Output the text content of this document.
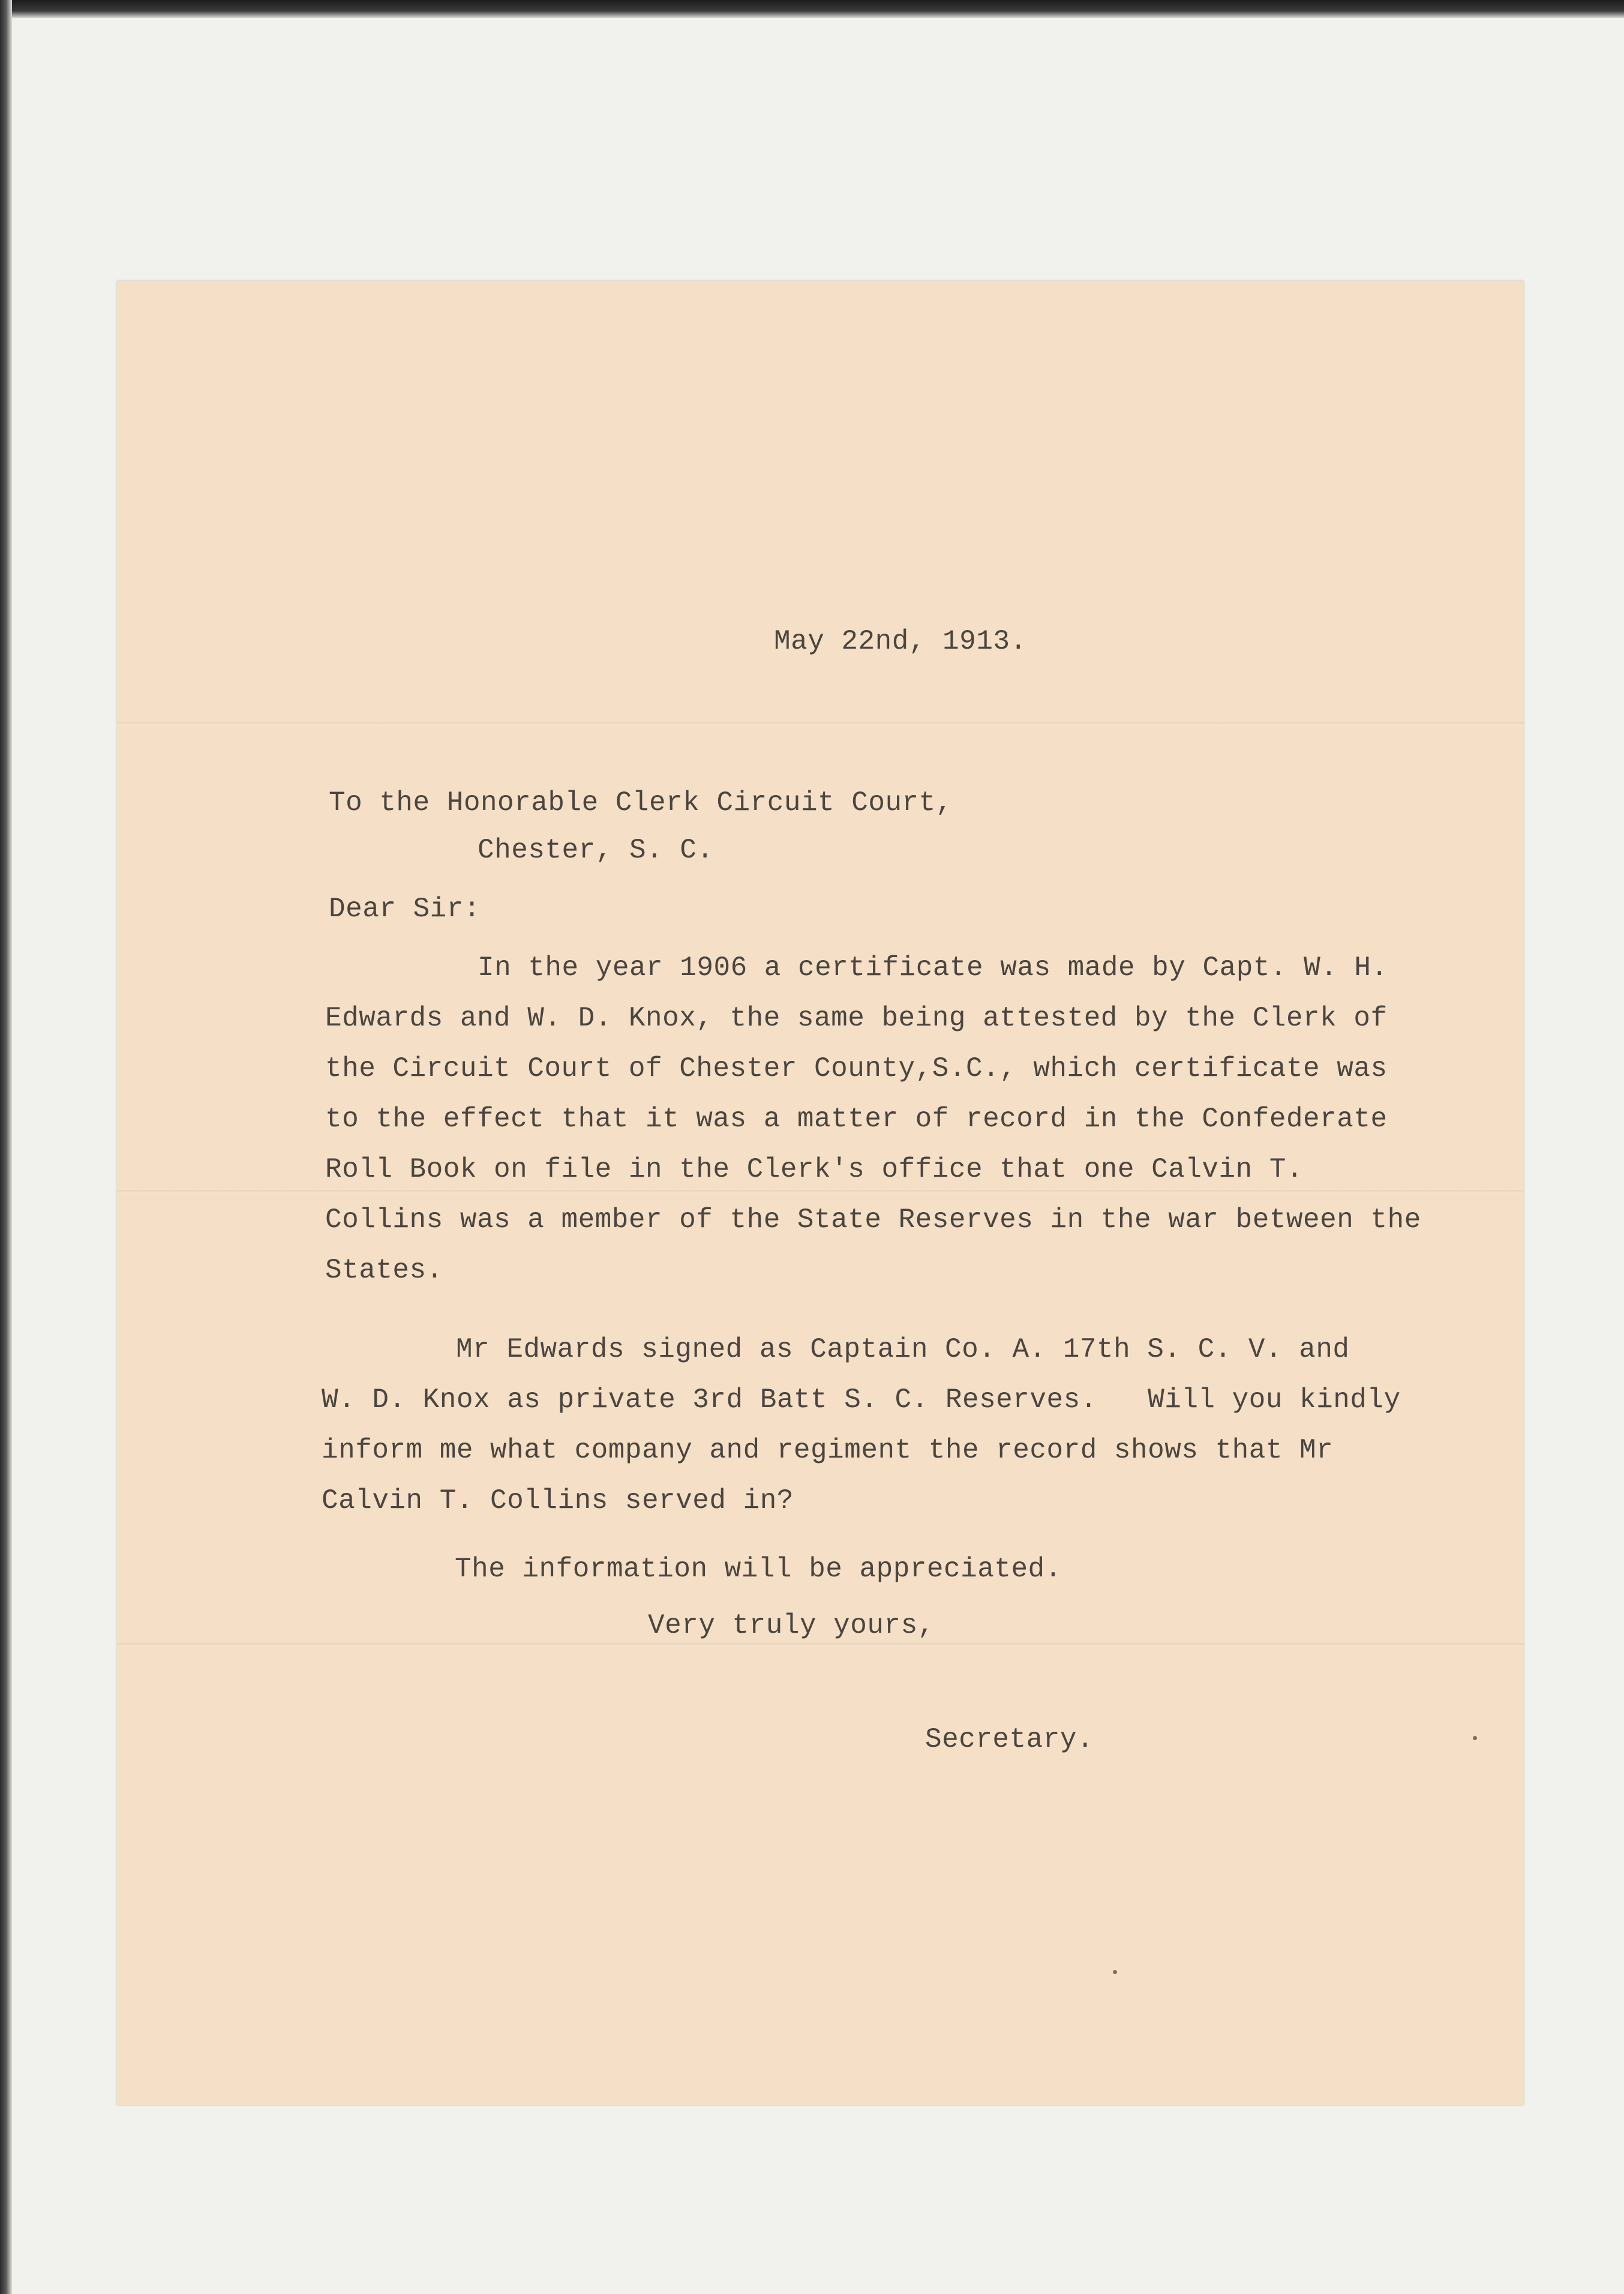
May 22nd, 1913.
To the Honorable Clerk Circuit Court,
Chester, S. C.
Dear Sir:
In the year 1906 a certificate was made by Capt. W. H.
Edwards and W. D. Knox, the same being attested by the Clerk of
the Circuit Court of Chester County,S.C., which certificate was
to the effect that it was a matter of record in the Confederate
Roll Book on file in the Clerk's office that one Calvin T.
Collins was a member of the State Reserves in the war between the
States.
Mr Edwards signed as Captain Co. A. 17th S. C. V. and
W. D. Knox as private 3rd Batt S. C. Reserves.   Will you kindly
inform me what company and regiment the record shows that Mr
Calvin T. Collins served in?
The information will be appreciated.
Very truly yours,
Secretary.
